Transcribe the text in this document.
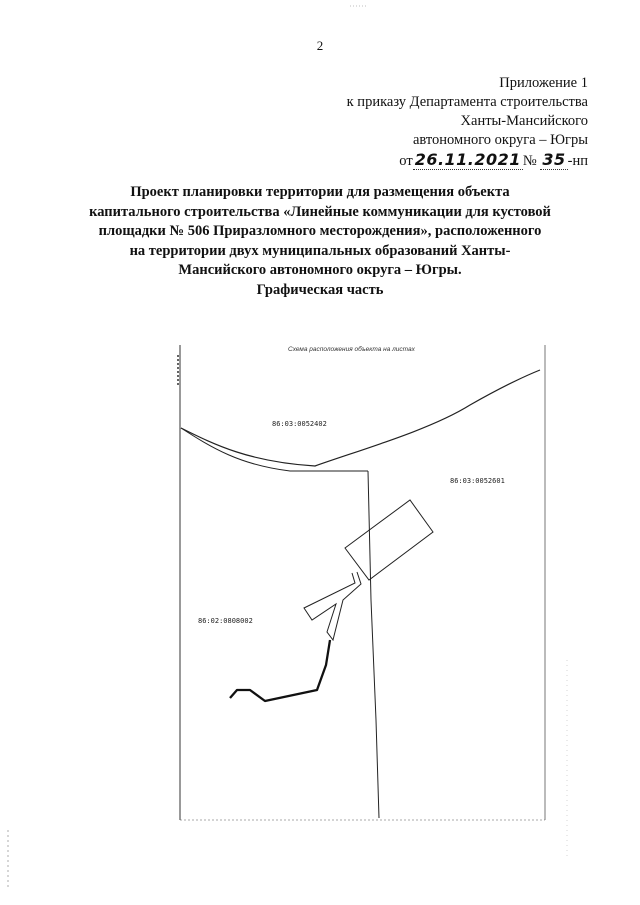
2
Приложение 1
к приказу Департамента строительства
Ханты-Мансийского
автономного округа – Югры
от 26.11.2021 № 35 -нп
Проект планировки территории для размещения объекта
капитального строительства «Линейные коммуникации для кустовой
площадки № 506 Приразломного месторождения», расположенного
на территории двух муниципальных образований Ханты-
Мансийского автономного округа – Югры.
Графическая часть
Схема расположения объекта на листах
86:03:0052402
86:03:0052601
86:02:0808002
